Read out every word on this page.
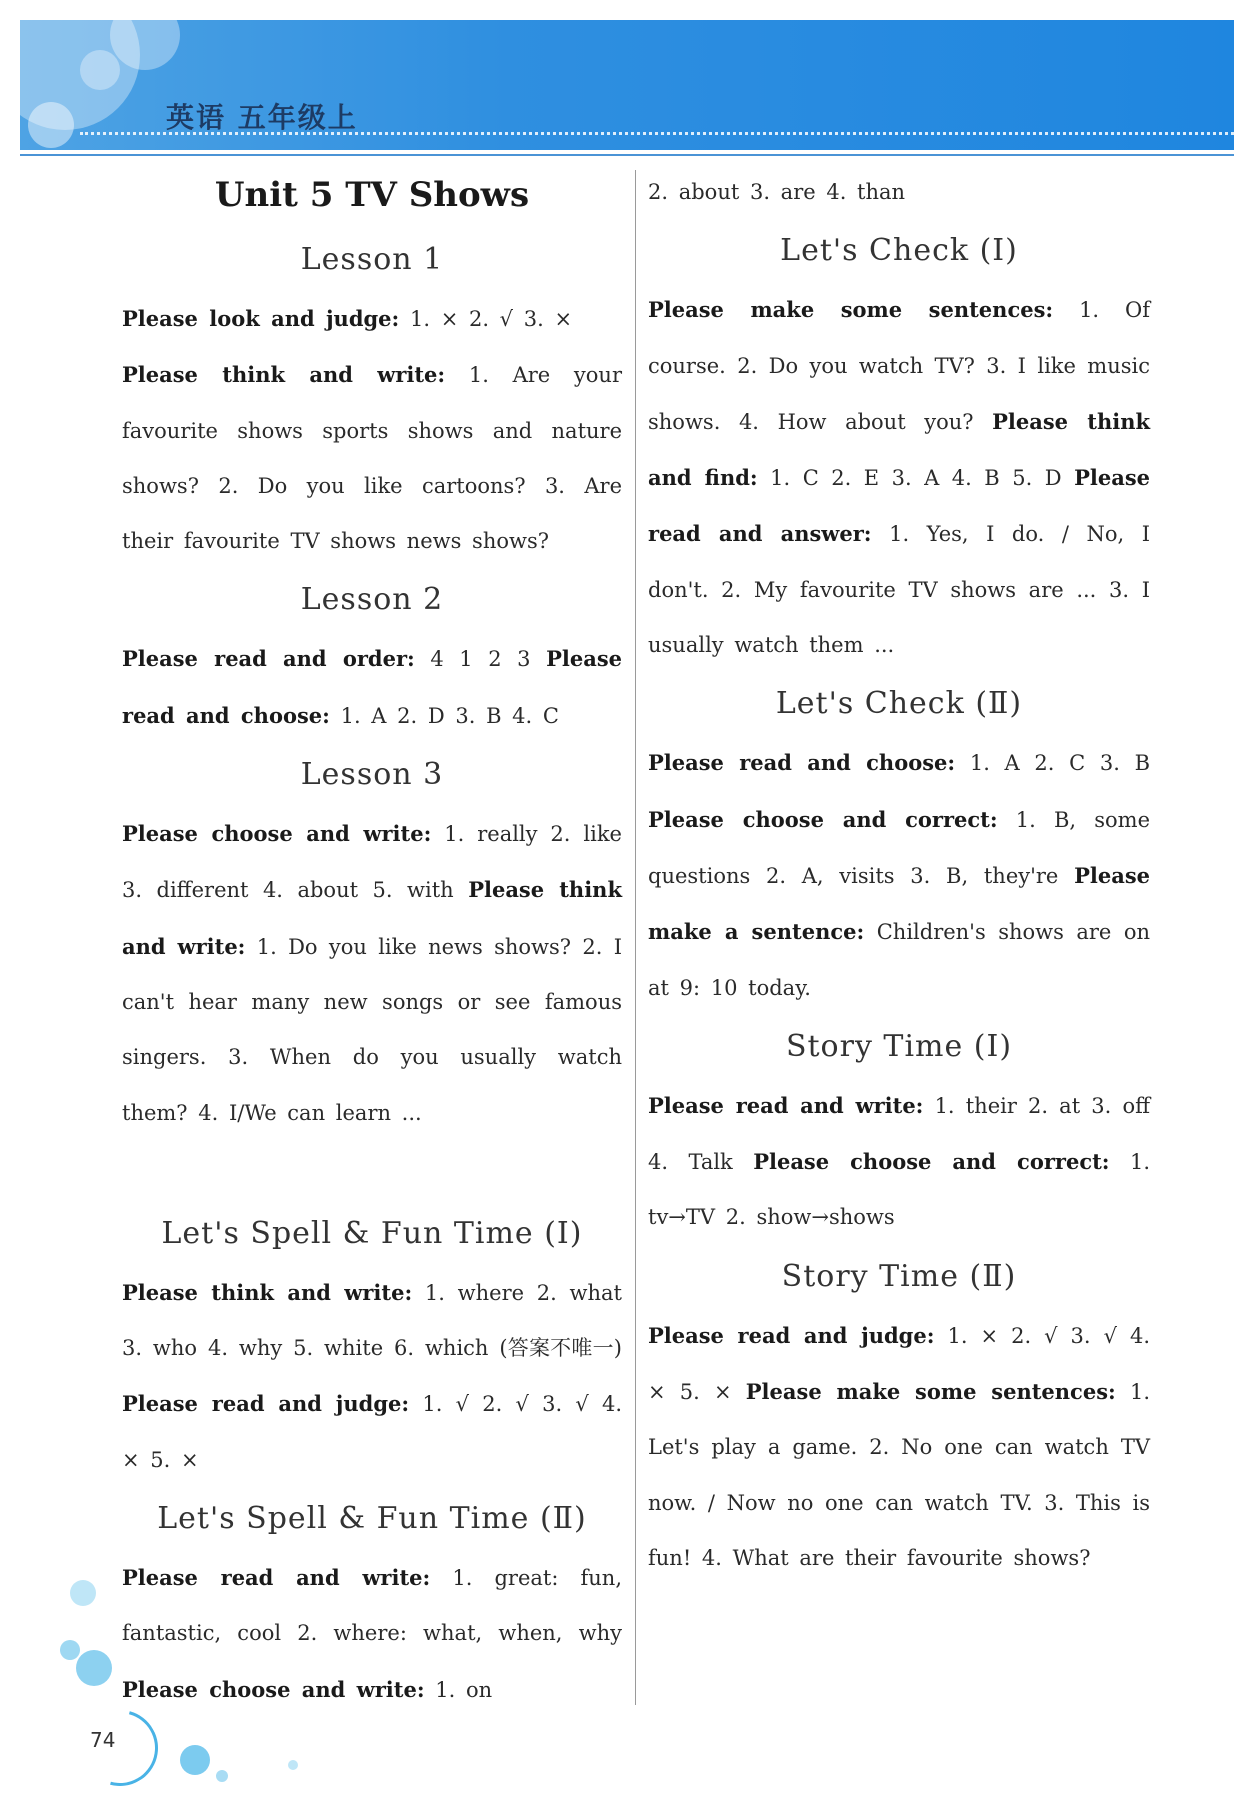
英语 五年级上
Unit 5 TV Shows
Lesson 1
Please look and judge: 1. × 2. √ 3. ×
Please think and write: 1. Are your favourite shows sports shows and nature shows? 2. Do you like cartoons? 3. Are their favourite TV shows news shows?
Lesson 2
Please read and order: 4 1 2 3 Please read and choose: 1. A 2. D 3. B 4. C
Lesson 3
Please choose and write: 1. really 2. like 3. different 4. about 5. with Please think and write: 1. Do you like news shows? 2. I can't hear many new songs or see famous singers. 3. When do you usually watch them? 4. I/We can learn ...
Let's Spell & Fun Time (Ⅰ)
Please think and write: 1. where 2. what 3. who 4. why 5. white 6. which (答案不唯一) Please read and judge: 1. √ 2. √ 3. √ 4. × 5. ×
Let's Spell & Fun Time (Ⅱ)
Please read and write: 1. great: fun, fantastic, cool 2. where: what, when, why Please choose and write: 1. on
2. about 3. are 4. than
Let's Check (Ⅰ)
Please make some sentences: 1. Of course. 2. Do you watch TV? 3. I like music shows. 4. How about you? Please think and find: 1. C 2. E 3. A 4. B 5. D Please read and answer: 1. Yes, I do. / No, I don't. 2. My favourite TV shows are ... 3. I usually watch them ...
Let's Check (Ⅱ)
Please read and choose: 1. A 2. C 3. B Please choose and correct: 1. B, some questions 2. A, visits 3. B, they're Please make a sentence: Children's shows are on at 9: 10 today.
Story Time (Ⅰ)
Please read and write: 1. their 2. at 3. off 4. Talk Please choose and correct: 1. tv→TV 2. show→shows
Story Time (Ⅱ)
Please read and judge: 1. × 2. √ 3. √ 4. × 5. × Please make some sentences: 1. Let's play a game. 2. No one can watch TV now. / Now no one can watch TV. 3. This is fun! 4. What are their favourite shows?
74
